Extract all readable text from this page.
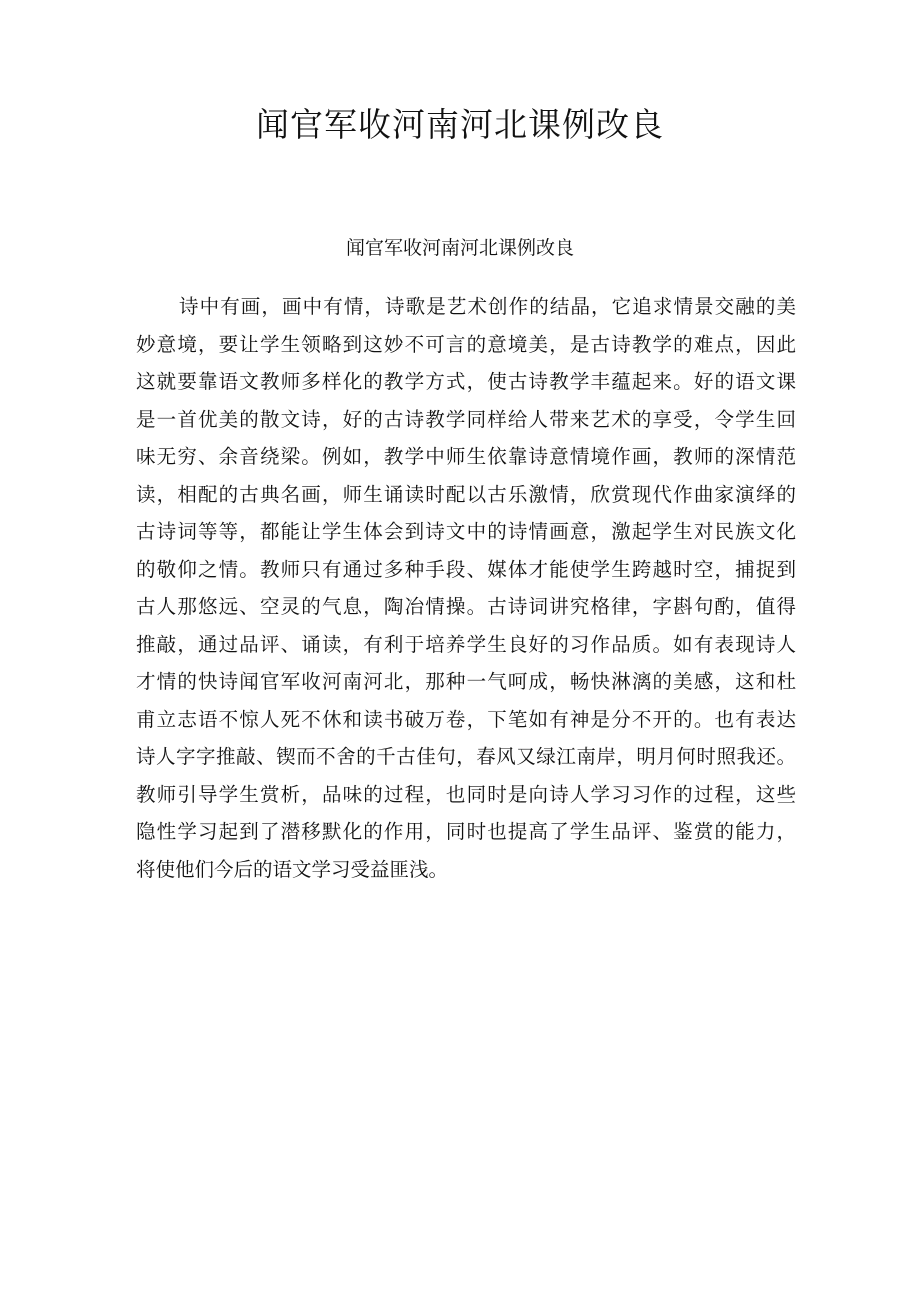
闻官军收河南河北课例改良
闻官军收河南河北课例改良
诗中有画，画中有情，诗歌是艺术创作的结晶，它追求情景交融的美
妙意境，要让学生领略到这妙不可言的意境美，是古诗教学的难点，因此
这就要靠语文教师多样化的教学方式，使古诗教学丰蕴起来。好的语文课
是一首优美的散文诗，好的古诗教学同样给人带来艺术的享受，令学生回
味无穷、余音绕梁。例如，教学中师生依靠诗意情境作画，教师的深情范
读，相配的古典名画，师生诵读时配以古乐激情，欣赏现代作曲家演绎的
古诗词等等，都能让学生体会到诗文中的诗情画意，激起学生对民族文化
的敬仰之情。教师只有通过多种手段、媒体才能使学生跨越时空，捕捉到
古人那悠远、空灵的气息，陶冶情操。古诗词讲究格律，字斟句酌，值得
推敲，通过品评、诵读，有利于培养学生良好的习作品质。如有表现诗人
才情的快诗闻官军收河南河北，那种一气呵成，畅快淋漓的美感，这和杜
甫立志语不惊人死不休和读书破万卷，下笔如有神是分不开的。也有表达
诗人字字推敲、锲而不舍的千古佳句，春风又绿江南岸，明月何时照我还。
教师引导学生赏析，品味的过程，也同时是向诗人学习习作的过程，这些
隐性学习起到了潜移默化的作用，同时也提高了学生品评、鉴赏的能力，
将使他们今后的语文学习受益匪浅。
